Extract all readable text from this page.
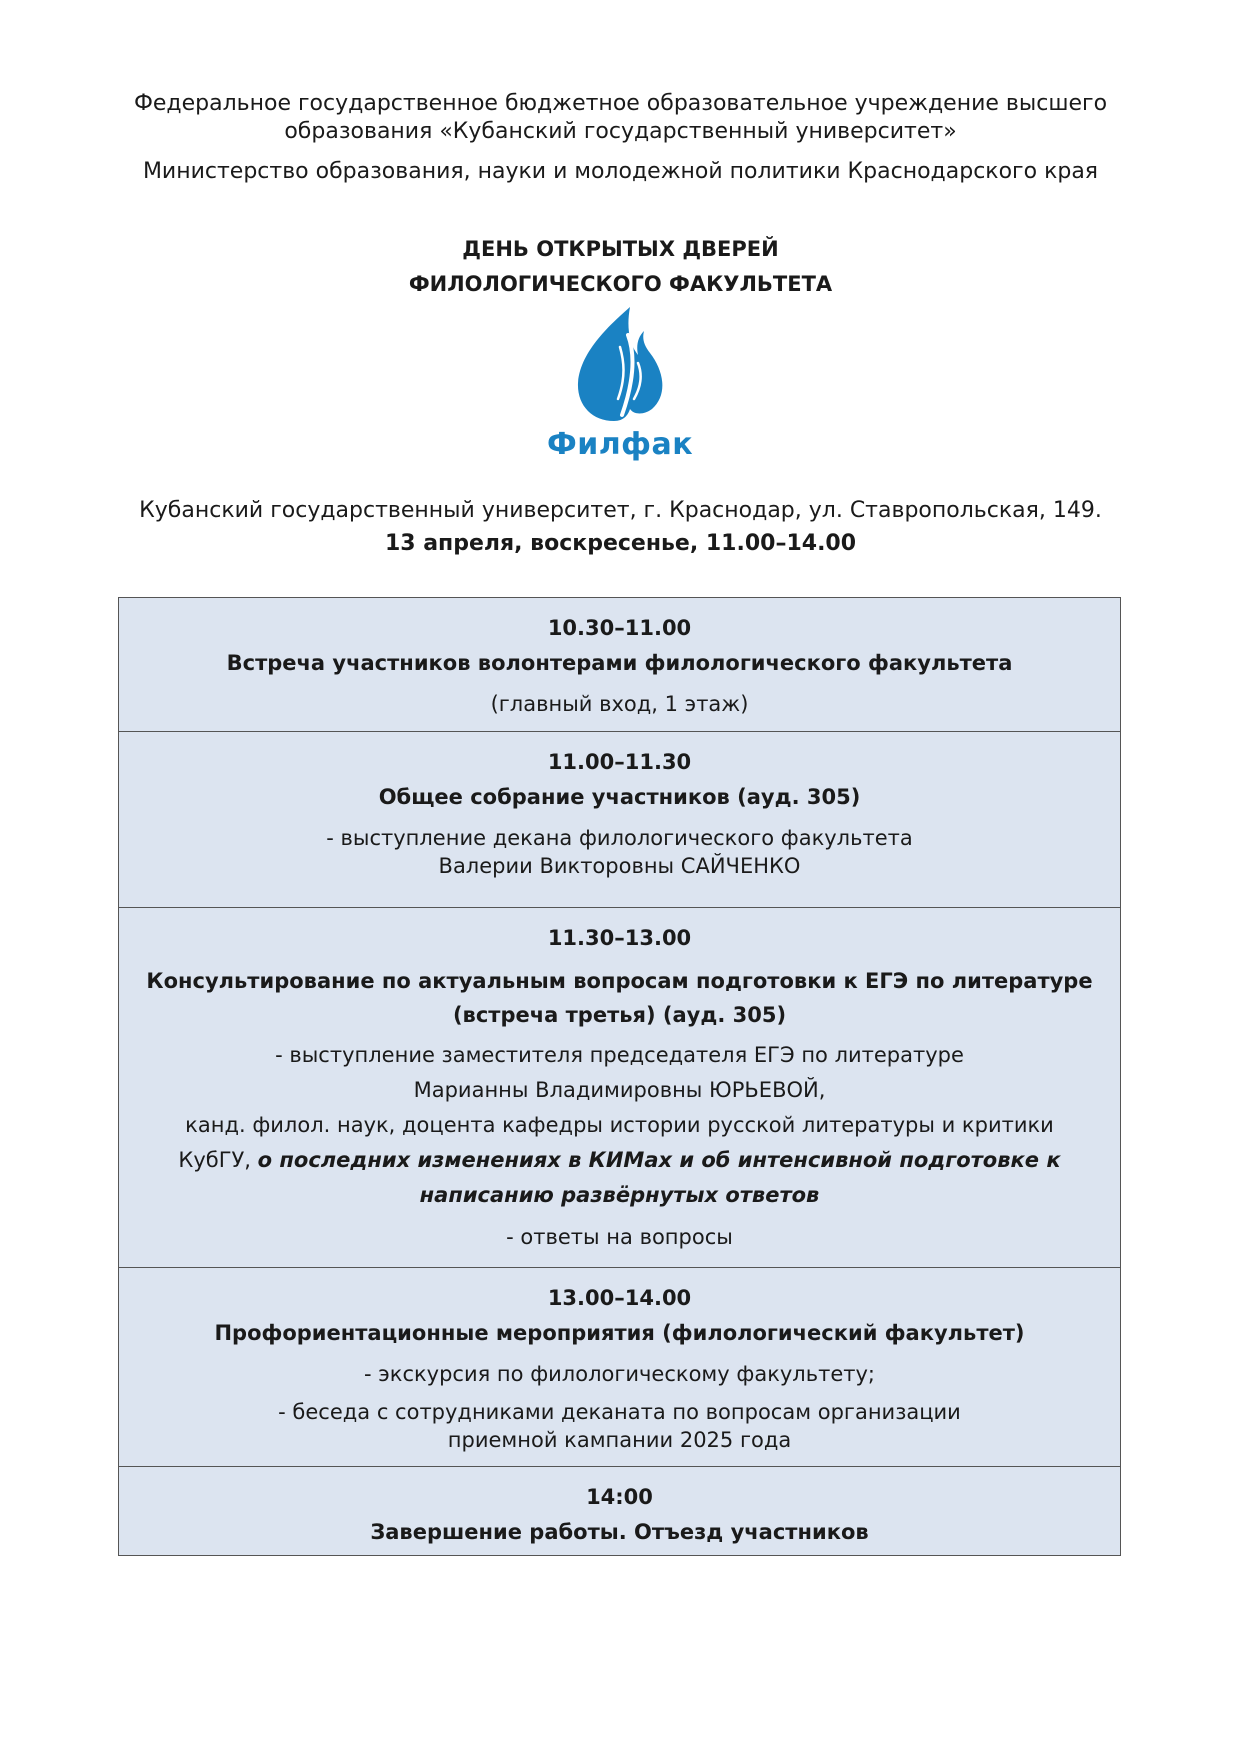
Федеральное государственное бюджетное образовательное учреждение высшего
образования «Кубанский государственный университет»
Министерство образования, науки и молодежной политики Краснодарского края
ДЕНЬ ОТКРЫТЫХ ДВЕРЕЙ
ФИЛОЛОГИЧЕСКОГО ФАКУЛЬТЕТА
Филфак
Кубанский государственный университет, г. Краснодар, ул. Ставропольская, 149.
13 апреля, воскресенье, 11.00–14.00
10.30–11.00
Встреча участников волонтерами филологического факультета
(главный вход, 1 этаж)
11.00–11.30
Общее собрание участников (ауд. 305)
- выступление декана филологического факультета
Валерии Викторовны САЙЧЕНКО
11.30–13.00
Консультирование по актуальным вопросам подготовки к ЕГЭ по литературе
(встреча третья) (ауд. 305)
- выступление заместителя председателя ЕГЭ по литературе
Марианны Владимировны ЮРЬЕВОЙ,
канд. филол. наук, доцента кафедры истории русской литературы и критики
КубГУ, о последних изменениях в КИМах и об интенсивной подготовке к
написанию развёрнутых ответов
- ответы на вопросы
13.00–14.00
Профориентационные мероприятия (филологический факультет)
- экскурсия по филологическому факультету;
- беседа с сотрудниками деканата по вопросам организации
приемной кампании 2025 года
14:00
Завершение работы. Отъезд участников
